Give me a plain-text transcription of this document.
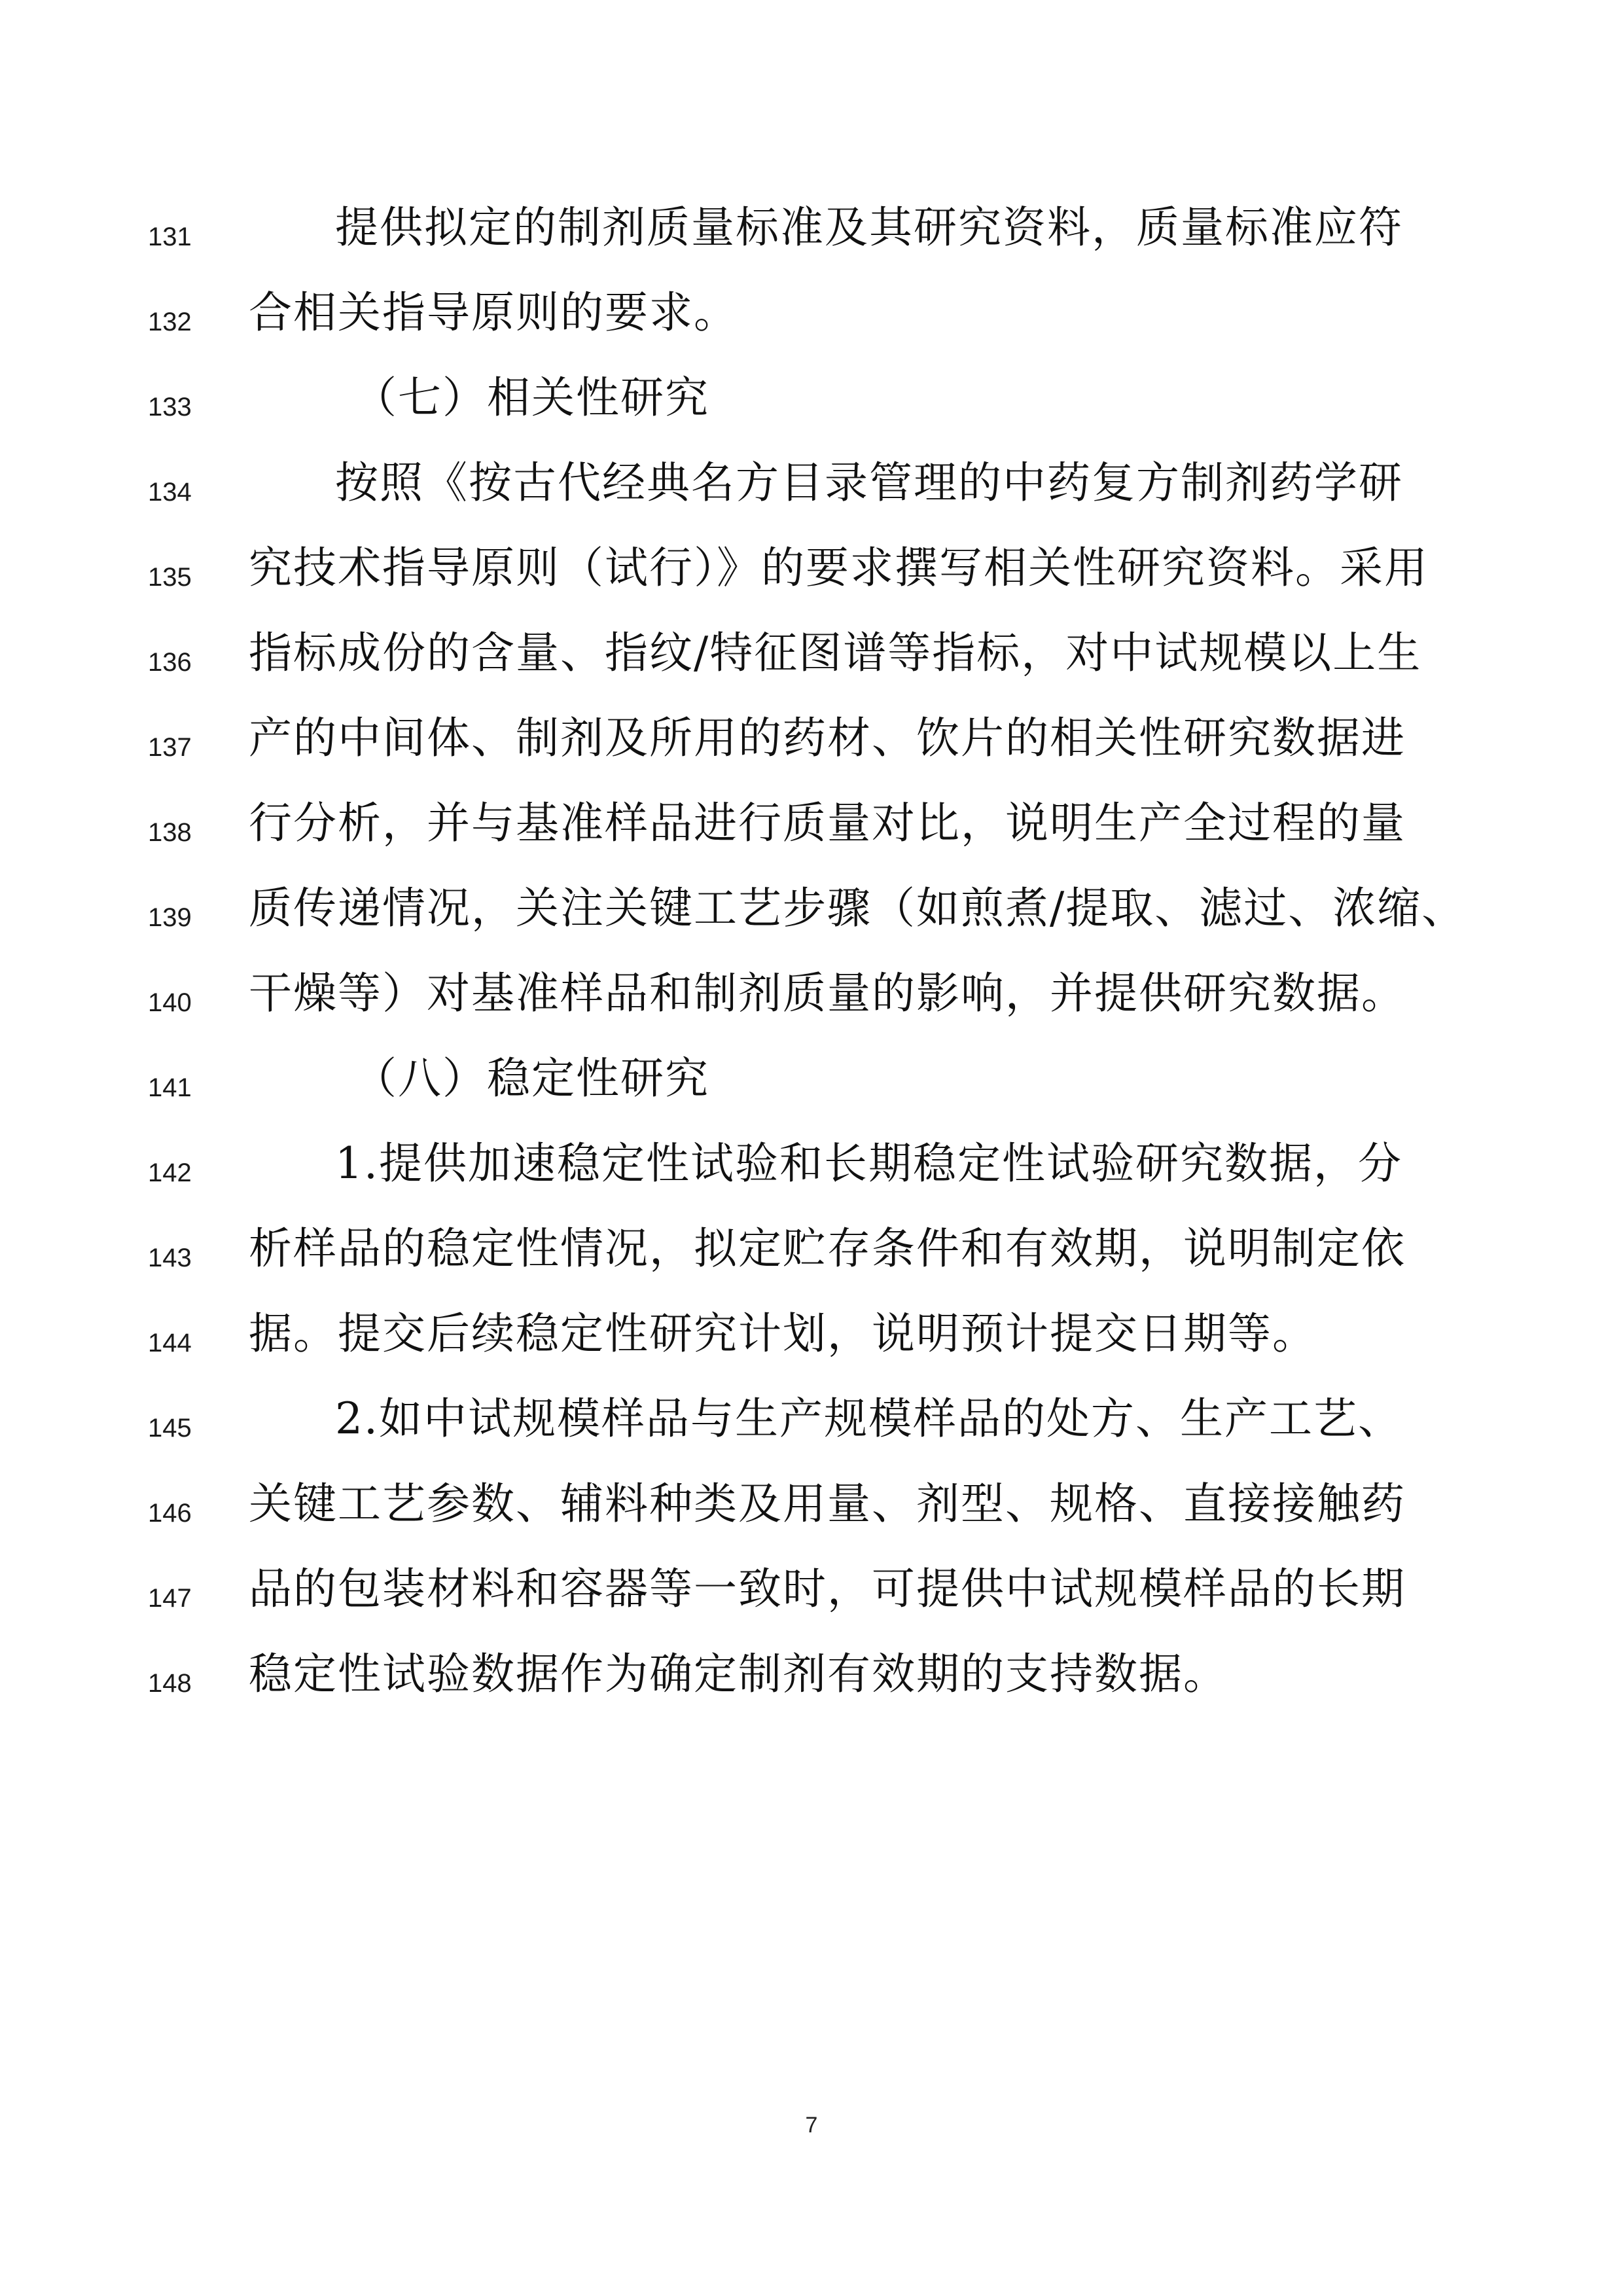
131	提供拟定的制剂质量标准及其研究资料，质量标准应符
132	合相关指导原则的要求。
133	（七）相关性研究
134	按照《按古代经典名方目录管理的中药复方制剂药学研
135	究技术指导原则（试行）》的要求撰写相关性研究资料。采用
136	指标成份的含量、指纹/特征图谱等指标，对中试规模以上生
137	产的中间体、制剂及所用的药材、饮片的相关性研究数据进
138	行分析，并与基准样品进行质量对比，说明生产全过程的量
139	质传递情况，关注关键工艺步骤（如煎煮/提取、滤过、浓缩、
140	干燥等）对基准样品和制剂质量的影响，并提供研究数据。
141	（八）稳定性研究
142	1.提供加速稳定性试验和长期稳定性试验研究数据，分
143	析样品的稳定性情况，拟定贮存条件和有效期，说明制定依
144	据。提交后续稳定性研究计划，说明预计提交日期等。
145	2.如中试规模样品与生产规模样品的处方、生产工艺、
146	关键工艺参数、辅料种类及用量、剂型、规格、直接接触药
147	品的包装材料和容器等一致时，可提供中试规模样品的长期
148	稳定性试验数据作为确定制剂有效期的支持数据。
7
